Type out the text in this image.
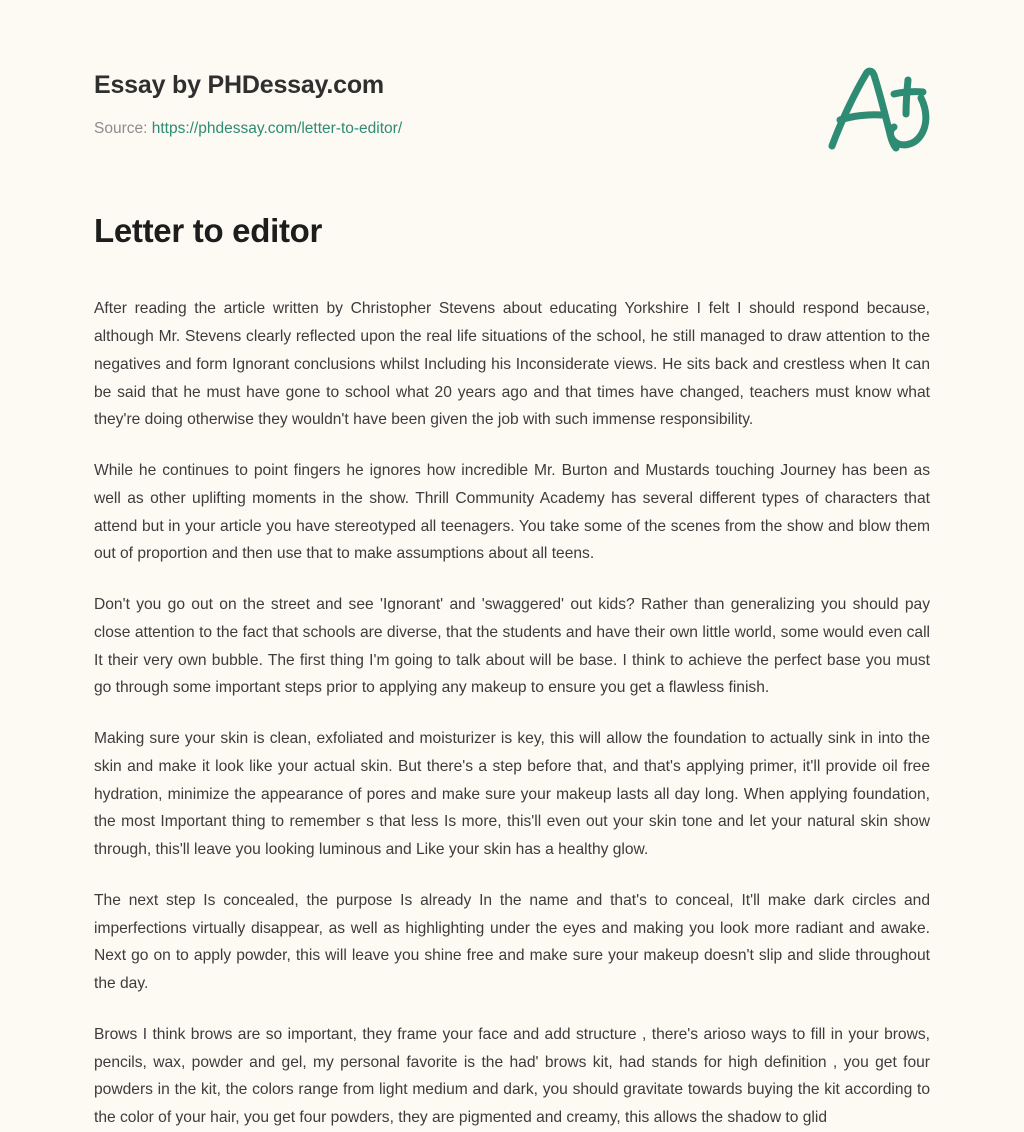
Essay by PHDessay.com
Source: https://phdessay.com/letter-to-editor/
Letter to editor

After reading the article written by Christopher Stevens about educating Yorkshire I felt I should respond because, although Mr. Stevens clearly reflected upon the real life situations of the school, he still managed to draw attention to the negatives and form Ignorant conclusions whilst Including his Inconsiderate views. He sits back and crestless when It can be said that he must have gone to school what 20 years ago and that times have changed, teachers must know what they're doing otherwise they wouldn't have been given the job with such immense responsibility.

While he continues to point fingers he ignores how incredible Mr. Burton and Mustards touching Journey has been as well as other uplifting moments in the show. Thrill Community Academy has several different types of characters that attend but in your article you have stereotyped all teenagers. You take some of the scenes from the show and blow them out of proportion and then use that to make assumptions about all teens.

Don't you go out on the street and see 'Ignorant' and 'swaggered' out kids? Rather than generalizing you should pay close attention to the fact that schools are diverse, that the students and have their own little world, some would even call It their very own bubble. The first thing I'm going to talk about will be base. I think to achieve the perfect base you must go through some important steps prior to applying any makeup to ensure you get a flawless finish.

Making sure your skin is clean, exfoliated and moisturizer is key, this will allow the foundation to actually sink in into the skin and make it look like your actual skin. But there's a step before that, and that's applying primer, it'll provide oil free hydration, minimize the appearance of pores and make sure your makeup lasts all day long. When applying foundation, the most Important thing to remember s that less Is more, this'll even out your skin tone and let your natural skin show through, this'll leave you looking luminous and Like your skin has a healthy glow.

The next step Is concealed, the purpose Is already In the name and that's to conceal, It'll make dark circles and imperfections virtually disappear, as well as highlighting under the eyes and making you look more radiant and awake. Next go on to apply powder, this will leave you shine free and make sure your makeup doesn't slip and slide throughout the day.

Brows I think brows are so important, they frame your face and add structure , there's arioso ways to fill in your brows, pencils, wax, powder and gel, my personal favorite is the had' brows kit, had stands for high definition , you get four powders in the kit, the colors range from light medium and dark, you should gravitate towards buying the kit according to the color of your hair, you get four powders, they are pigmented and creamy, this allows the shadow to glid
